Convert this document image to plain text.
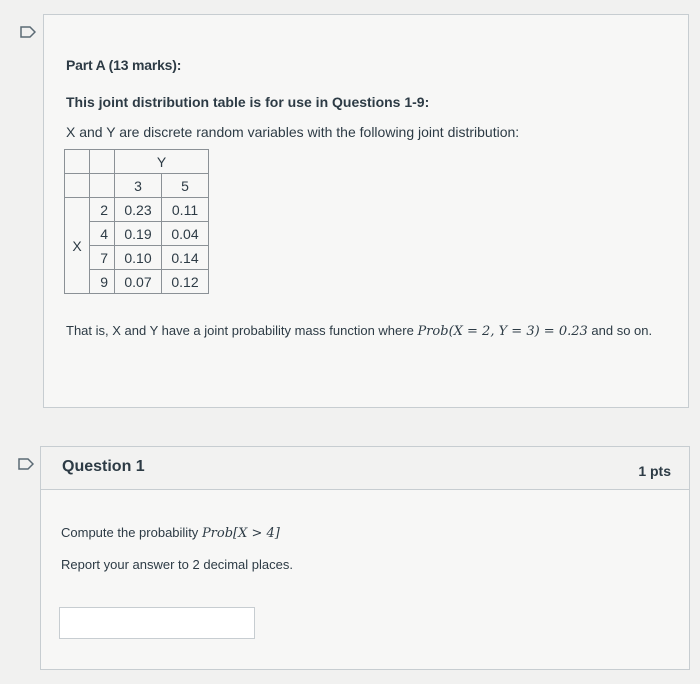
Part A (13 marks):
This joint distribution table is for use in Questions 1-9:
X and Y are discrete random variables with the following joint distribution:
		Y	
		3	5
X	2	0.23	0.11
	4	0.19	0.04
	7	0.10	0.14
	9	0.07	0.12
That is, X and Y have a joint probability mass function where Prob(X = 2, Y = 3) = 0.23 and so on.
Question 1	1 pts
Compute the probability Prob[X > 4]
Report your answer to 2 decimal places.
